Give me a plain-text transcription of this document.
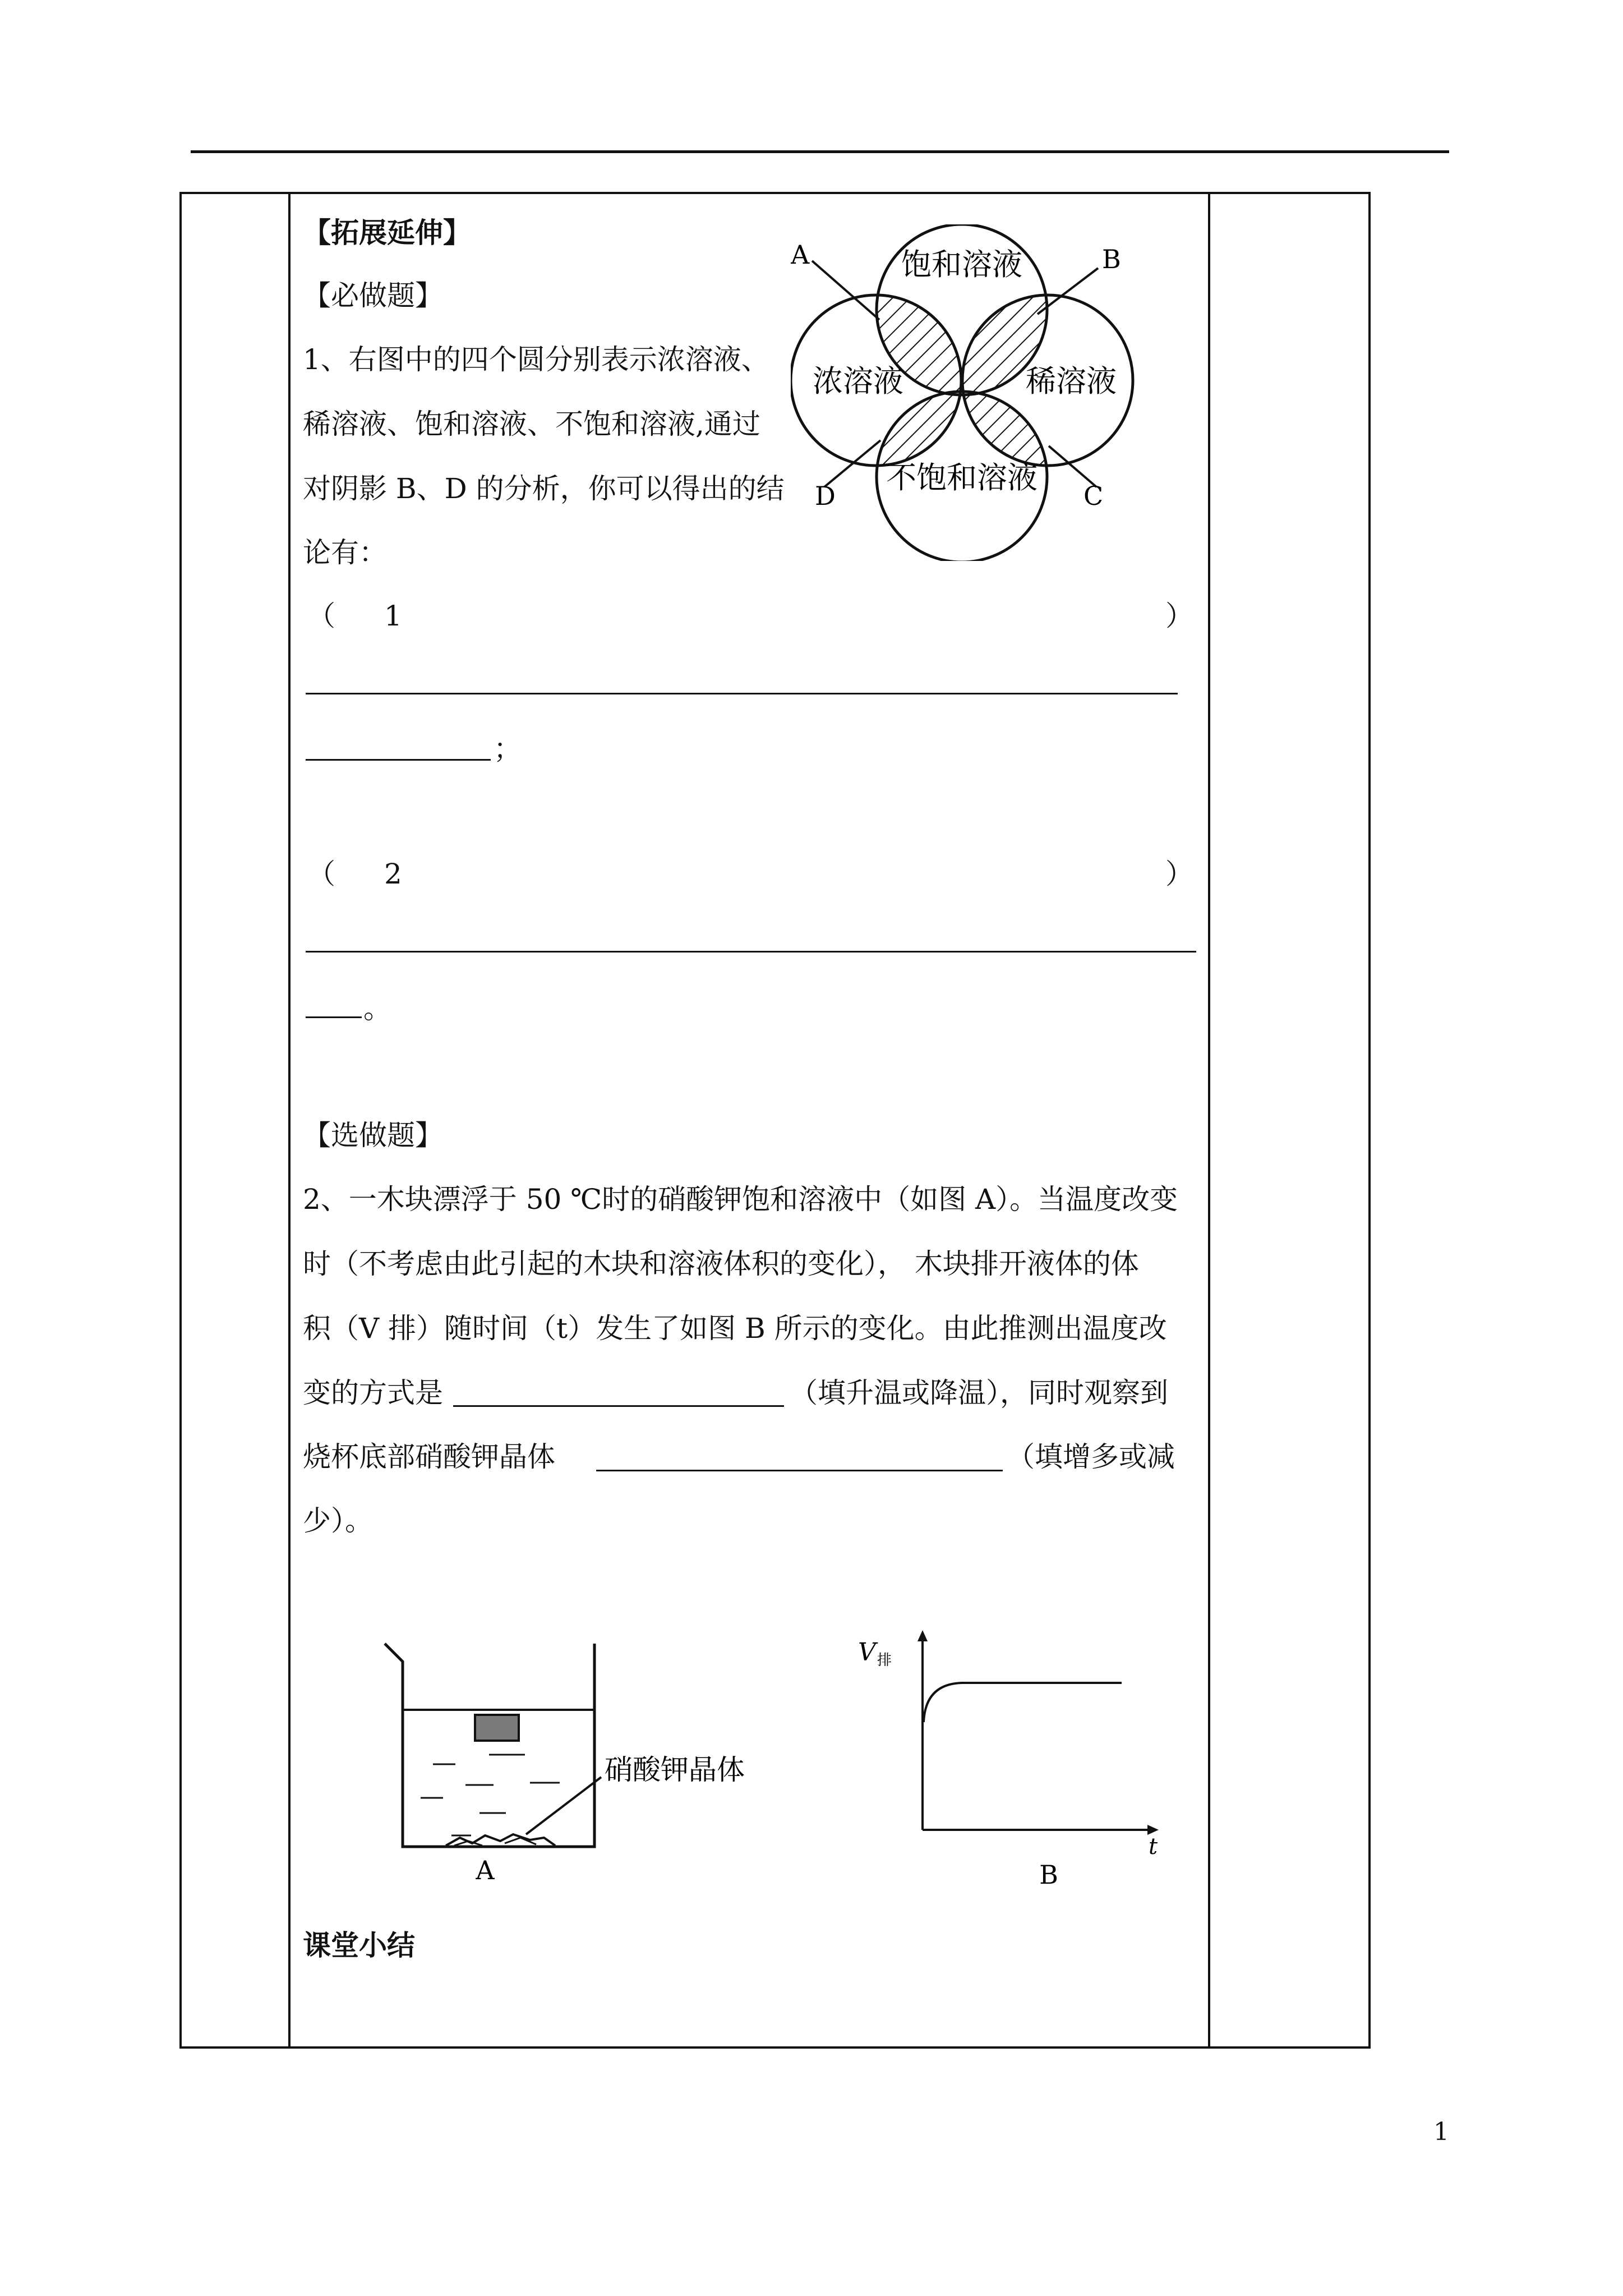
【拓展延伸】
【必做题】
1、右图中的四个圆分别表示浓溶液、
稀溶液、饱和溶液、不饱和溶液,通过
对阴影 B、D 的分析，你可以得出的结
论有：
饱和溶液
浓溶液	稀溶液
不饱和溶液
A	B
C
D
（ 1	）
；
（ 2	）
。
【选做题】
2、一木块漂浮于 50 ℃时的硝酸钾饱和溶液中（如图 A）。当温度改变
时（不考虑由此引起的木块和溶液体积的变化）， 木块排开液体的体
积（V 排）随时间（t）发生了如图 B 所示的变化。由此推测出温度改
变的方式是	（填升温或降温），同时观察到
烧杯底部硝酸钾晶体	（填增多或减
少）。
硝酸钾晶体
A
V 排
t
B
课堂小结
1
